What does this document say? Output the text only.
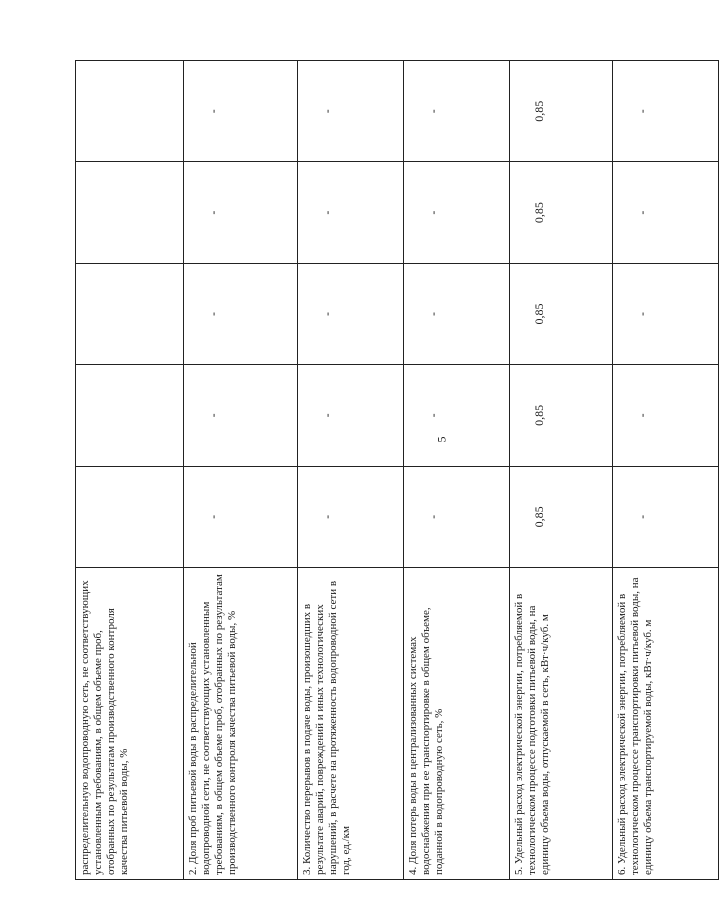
5
распределительную водопроводную сеть, не соответствующих установленным требованиям, в общем объеме проб, отобранных по результатам производственного контроля качества питьевой воды, %					
2. Доля проб питьевой воды в распределительной водопроводной сети, не соответствующих установленным требованиям, в общем объеме проб, отобранных по результатам производственного контроля качества питьевой воды, %	-	-	-	-	-
3. Количество перерывов в подаче воды, произошедших в результате аварий, повреждений и иных технологических нарушений, в расчете на протяженность водопроводной сети в год, ед./км	-	-	-	-	-
4. Доля потерь воды в централизованных системах водоснабжения при ее транспортировке в общем объеме, поданной в водопроводную сеть, %	-	-	-	-	-
5. Удельный расход электрической энергии, потребляемой в технологическом процессе подготовки питьевой воды, на единицу объема воды, отпускаемой в сеть, кВт·ч/куб. м	0,85	0,85	0,85	0,85	0,85
6. Удельный расход электрической энергии, потребляемой в технологическом процессе транспортировки питьевой воды, на единицу объема транспортируемой воды, кВт·ч/куб. м	-	-	-	-	-
